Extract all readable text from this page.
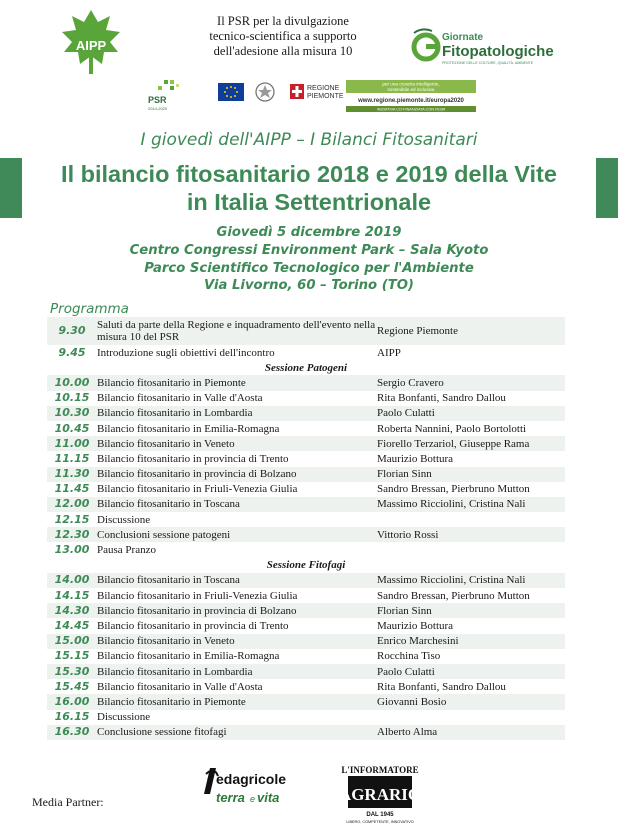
AIPP
Il PSR per la divulgazione
tecnico-scientifica a supporto
dell'adesione alla misura 10
Giornate
Fitopatologiche
PROTEZIONE DELLE COLTURE, QUALITÀ, AMBIENTE
PSR
2014-2020
REGIONE
PIEMONTE
per una crescita intelligente,
sostenibile ed inclusiva
www.regione.piemonte.it/europa2020
INIZIATIVA CO-FINANZIATA CON FESR
I giovedì dell'AIPP – I Bilanci Fitosanitari
Il bilancio fitosanitario 2018 e 2019 della Vite
in Italia Settentrionale
Giovedì 5 dicembre 2019
Centro Congressi Environment Park – Sala Kyoto
Parco Scientifico Tecnologico per l'Ambiente
Via Livorno, 60 – Torino (TO)
Programma
9.30	Saluti da parte della Regione e inquadramento dell'evento nella misura 10 del PSR	Regione Piemonte
9.45	Introduzione sugli obiettivi dell'incontro	AIPP
Sessione Patogeni		
10.00	Bilancio fitosanitario in Piemonte	Sergio Cravero
10.15	Bilancio fitosanitario in Valle d'Aosta	Rita Bonfanti, Sandro Dallou
10.30	Bilancio fitosanitario in Lombardia	Paolo Culatti
10.45	Bilancio fitosanitario in Emilia-Romagna	Roberta Nannini, Paolo Bortolotti
11.00	Bilancio fitosanitario in Veneto	Fiorello Terzariol, Giuseppe Rama
11.15	Bilancio fitosanitario in provincia di Trento	Maurizio Bottura
11.30	Bilancio fitosanitario in provincia di Bolzano	Florian Sinn
11.45	Bilancio fitosanitario in Friuli-Venezia Giulia	Sandro Bressan, Pierbruno Mutton
12.00	Bilancio fitosanitario in Toscana	Massimo Ricciolini, Cristina Nali
12.15	Discussione	
12.30	Conclusioni sessione patogeni	Vittorio Rossi
13.00	Pausa Pranzo	
Sessione Fitofagi		
14.00	Bilancio fitosanitario in Toscana	Massimo Ricciolini, Cristina Nali
14.15	Bilancio fitosanitario in Friuli-Venezia Giulia	Sandro Bressan, Pierbruno Mutton
14.30	Bilancio fitosanitario in provincia di Bolzano	Florian Sinn
14.45	Bilancio fitosanitario in provincia di Trento	Maurizio Bottura
15.00	Bilancio fitosanitario in Veneto	Enrico Marchesini
15.15	Bilancio fitosanitario in Emilia-Romagna	Rocchina Tiso
15.30	Bilancio fitosanitario in Lombardia	Paolo Culatti
15.45	Bilancio fitosanitario in Valle d'Aosta	Rita Bonfanti, Sandro Dallou
16.00	Bilancio fitosanitario in Piemonte	Giovanni Bosio
16.15	Discussione	
16.30	Conclusione sessione fitofagi	Alberto Alma
Media Partner:
edagricole
terra e vita
L'INFORMATORE
AGRARIO
DAL 1945
LIBERO, COMPETENTE, INNOVATIVO
